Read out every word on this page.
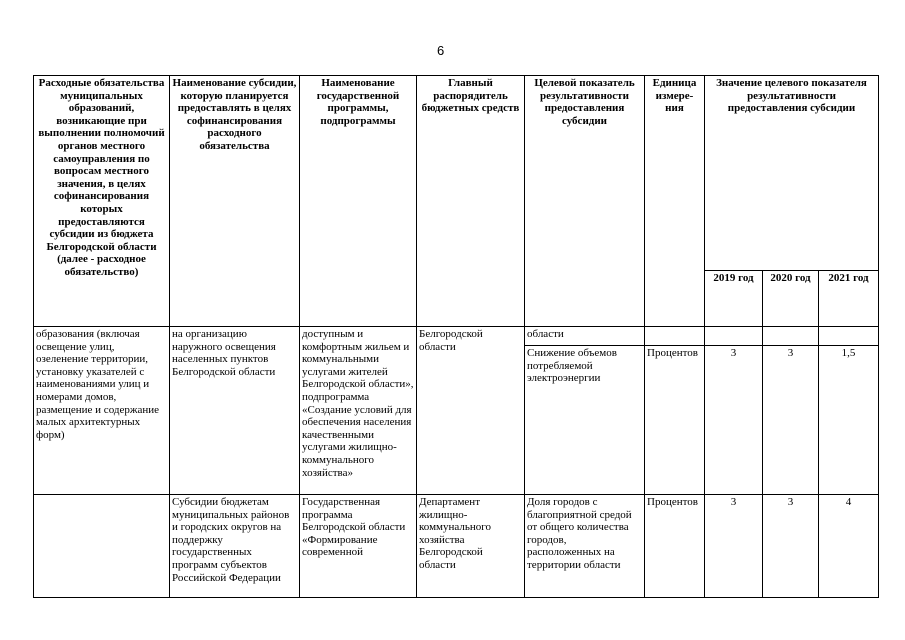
6
Расходные обязательства муниципальных образований, возникающие при выполнении полномочий органов местного самоуправления по вопросам местного значения, в целях софинансирования которых предоставляются субсидии из бюджета Белгородской области (далее - расходное обязательство)	Наименование субсидии, которую планируется предоставлять в целях софинансирования расходного обязательства	Наименование государственной программы, подпрограммы	Главный распорядитель бюджетных средств	Целевой показатель результативности предоставления субсидии	Единица измере-ния	Значение целевого показателя результативности предоставления субсидии		
						2019 год	2020 год	2021 год
образования (включая освещение улиц, озеленение территории, установку указателей с наименованиями улиц и номерами домов, размещение и содержание малых архитектурных форм)	на организацию наружного освещения населенных пунктов Белгородской области	доступным и комфортным жильем и коммунальными услугами жителей Белгородской области», подпрограмма «Создание условий для обеспечения населения качественными услугами жилищно-коммунального хозяйства»	Белгородской области	области				
				Снижение объемов потребляемой электроэнергии	Процентов	3	3	1,5
	Субсидии бюджетам муниципальных районов и городских округов на поддержку государственных программ субъектов Российской Федерации	Государственная программа Белгородской области «Формирование современной	Департамент жилищно-коммунального хозяйства Белгородской области	Доля городов с благоприятной средой от общего количества городов, расположенных на территории области	Процентов	3	3	4
